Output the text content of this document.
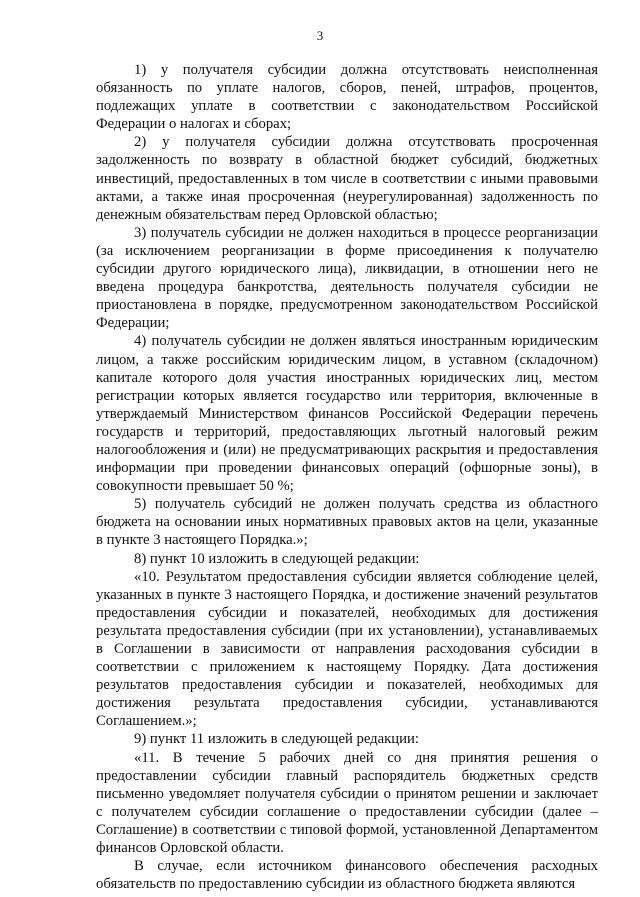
3

1) у получателя субсидии должна отсутствовать неисполненная обязанность по уплате налогов, сборов, пеней, штрафов, процентов, подлежащих уплате в соответствии с законодательством Российской Федерации о налогах и сборах;

2) у получателя субсидии должна отсутствовать просроченная задолженность по возврату в областной бюджет субсидий, бюджетных инвестиций, предоставленных в том числе в соответствии с иными правовыми актами, а также иная просроченная (неурегулированная) задолженность по денежным обязательствам перед Орловской областью;

3) получатель субсидии не должен находиться в процессе реорганизации (за исключением реорганизации в форме присоединения к получателю субсидии другого юридического лица), ликвидации, в отношении него не введена процедура банкротства, деятельность получателя субсидии не приостановлена в порядке, предусмотренном законодательством Российской Федерации;

4) получатель субсидии не должен являться иностранным юридическим лицом, а также российским юридическим лицом, в уставном (складочном) капитале которого доля участия иностранных юридических лиц, местом регистрации которых является государство или территория, включенные в утверждаемый Министерством финансов Российской Федерации перечень государств и территорий, предоставляющих льготный налоговый режим налогообложения и (или) не предусматривающих раскрытия и предоставления информации при проведении финансовых операций (офшорные зоны), в совокупности превышает 50 %;

5) получатель субсидий не должен получать средства из областного бюджета на основании иных нормативных правовых актов на цели, указанные в пункте 3 настоящего Порядка.»;

8) пункт 10 изложить в следующей редакции:

«10. Результатом предоставления субсидии является соблюдение целей, указанных в пункте 3 настоящего Порядка, и достижение значений результатов предоставления субсидии и показателей, необходимых для достижения результата предоставления субсидии (при их установлении), устанавливаемых в Соглашении в зависимости от направления расходования субсидии в соответствии с приложением к настоящему Порядку. Дата достижения результатов предоставления субсидии и показателей, необходимых для достижения результата предоставления субсидии, устанавливаются Соглашением.»;

9) пункт 11 изложить в следующей редакции:

«11. В течение 5 рабочих дней со дня принятия решения о предоставлении субсидии главный распорядитель бюджетных средств письменно уведомляет получателя субсидии о принятом решении и заключает с получателем субсидии соглашение о предоставлении субсидии (далее – Соглашение) в соответствии с типовой формой, установленной Департаментом финансов Орловской области.

В случае, если источником финансового обеспечения расходных обязательств по предоставлению субсидии из областного бюджета являются
